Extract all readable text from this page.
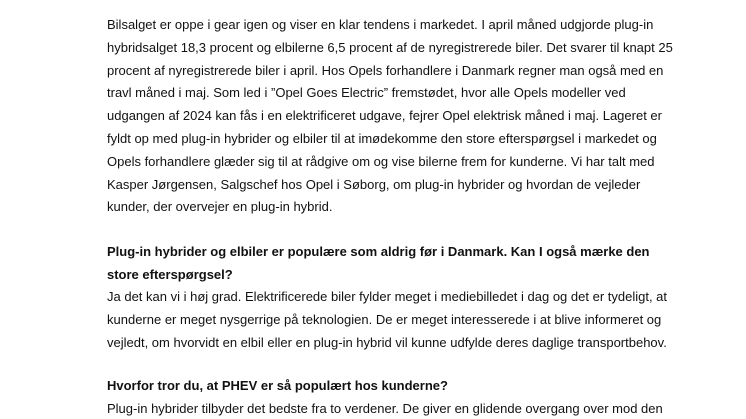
Bilsalget er oppe i gear igen og viser en klar tendens i markedet. I april måned udgjorde plug-in
hybridsalget 18,3 procent og elbilerne 6,5 procent af de nyregistrerede biler. Det svarer til knapt 25
procent af nyregistrerede biler i april. Hos Opels forhandlere i Danmark regner man også med en
travl måned i maj. Som led i ”Opel Goes Electric” fremstødet, hvor alle Opels modeller ved
udgangen af 2024 kan fås i en elektrificeret udgave, fejrer Opel elektrisk måned i maj. Lageret er
fyldt op med plug-in hybrider og elbiler til at imødekomme den store efterspørgsel i markedet og
Opels forhandlere glæder sig til at rådgive om og vise bilerne frem for kunderne. Vi har talt med
Kasper Jørgensen, Salgschef hos Opel i Søborg, om plug-in hybrider og hvordan de vejleder
kunder, der overvejer en plug-in hybrid.
Plug-in hybrider og elbiler er populære som aldrig før i Danmark. Kan I også mærke den
store efterspørgsel?
Ja det kan vi i høj grad. Elektrificerede biler fylder meget i mediebilledet i dag og det er tydeligt, at
kunderne er meget nysgerrige på teknologien. De er meget interesserede i at blive informeret og
vejledt, om hvorvidt en elbil eller en plug-in hybrid vil kunne udfylde deres daglige transportbehov.
Hvorfor tror du, at PHEV er så populært hos kunderne?
Plug-in hybrider tilbyder det bedste fra to verdener. De giver en glidende overgang over mod den
